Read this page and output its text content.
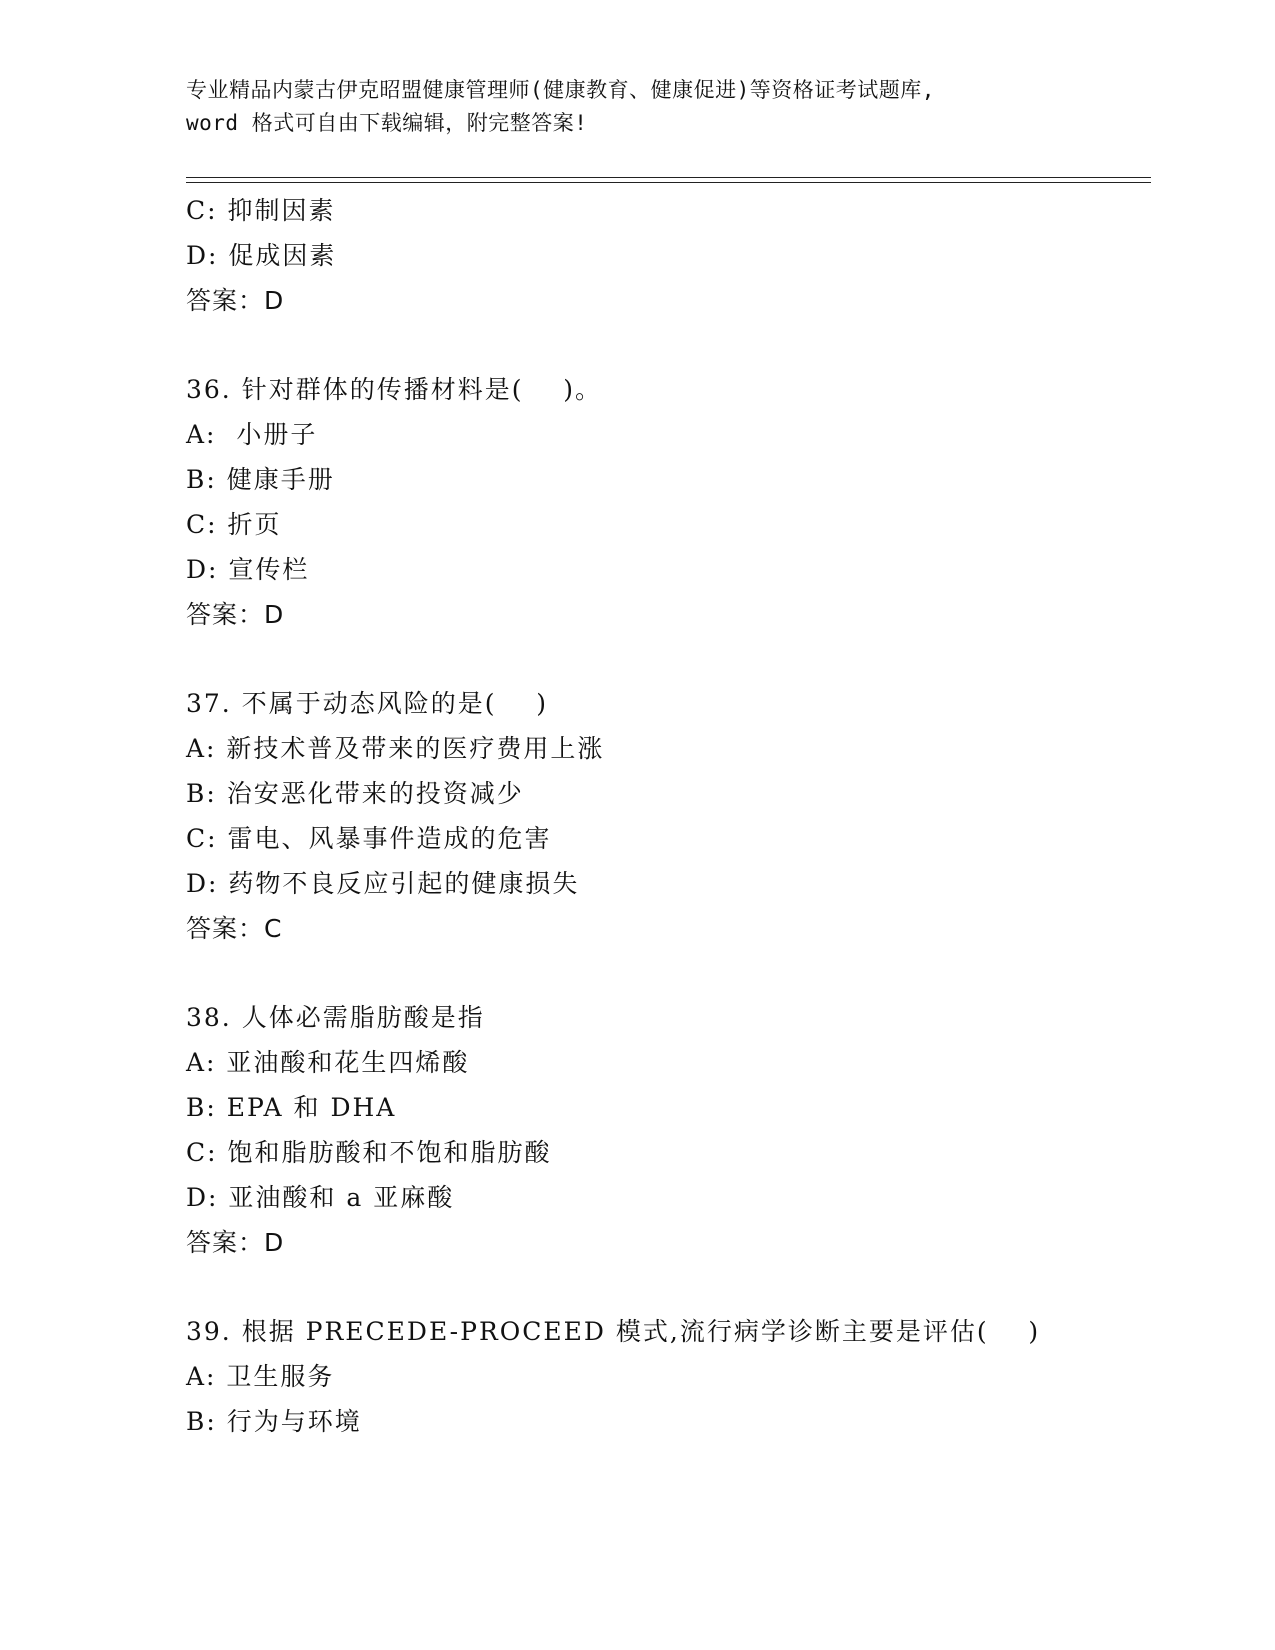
专业精品内蒙古伊克昭盟健康管理师(健康教育、健康促进)等资格证考试题库,
word 格式可自由下载编辑，附完整答案!
C: 抑制因素
D: 促成因素
答案：D
36. 针对群体的传播材料是(    )。
A:  小册子
B: 健康手册
C: 折页
D: 宣传栏
答案：D
37. 不属于动态风险的是(    )
A: 新技术普及带来的医疗费用上涨
B: 治安恶化带来的投资减少
C: 雷电、风暴事件造成的危害
D: 药物不良反应引起的健康损失
答案：C
38. 人体必需脂肪酸是指
A: 亚油酸和花生四烯酸
B: EPA 和 DHA
C: 饱和脂肪酸和不饱和脂肪酸
D: 亚油酸和 a 亚麻酸
答案：D
39. 根据 PRECEDE-PROCEED 模式,流行病学诊断主要是评估(    )
A: 卫生服务
B: 行为与环境
